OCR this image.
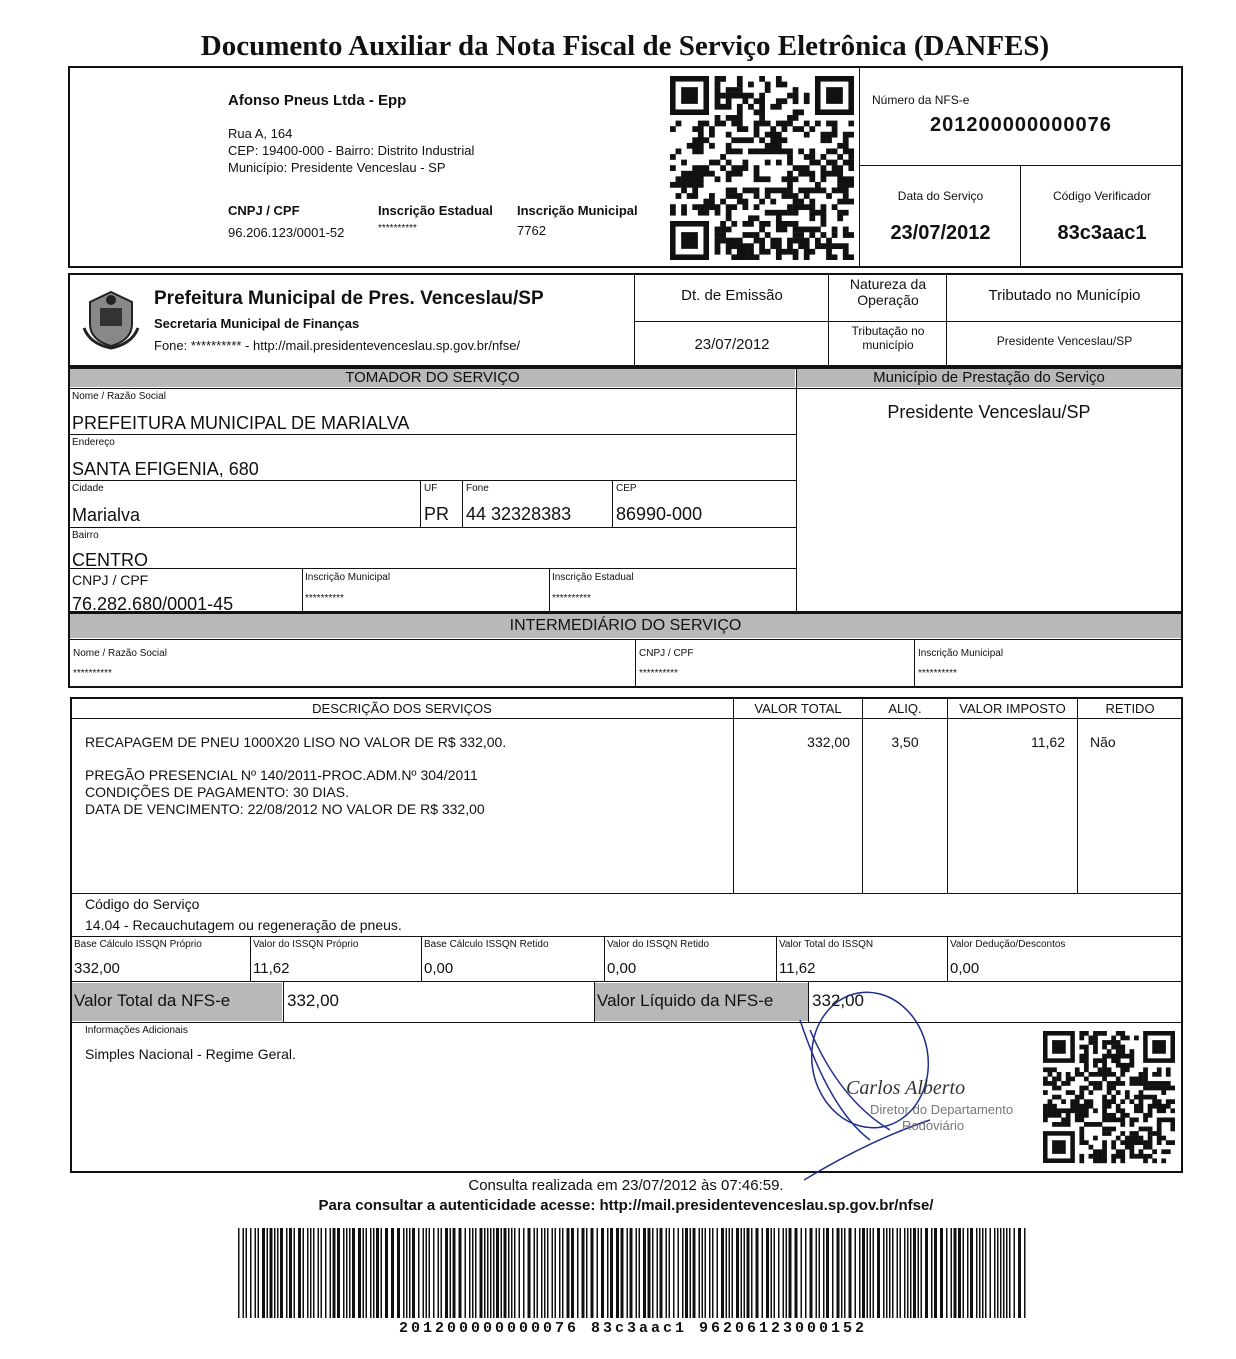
Documento Auxiliar da Nota Fiscal de Serviço Eletrônica (DANFES)
Afonso Pneus Ltda - Epp
Rua A, 164
CEP: 19400-000 - Bairro: Distrito Industrial
Município: Presidente Venceslau - SP
CNPJ / CPF
96.206.123/0001-52
Inscrição Estadual
**********
Inscrição Municipal
7762
Número da NFS-e
201200000000076
Data do Serviço
23/07/2012
Código Verificador
83c3aac1
Prefeitura Municipal de Pres. Venceslau/SP
Secretaria Municipal de Finanças
Fone: ********** - http://mail.presidentevenceslau.sp.gov.br/nfse/
Dt. de Emissão
23/07/2012
Natureza da Operação	Tributado no Município
Tributação no município	Presidente Venceslau/SP
TOMADOR DO SERVIÇO	Município de Prestação do Serviço
Nome / Razão Social
PREFEITURA MUNICIPAL DE MARIALVA
Endereço
SANTA EFIGENIA, 680
Cidade
Marialva
UF
PR
Fone
44 32328383
CEP
86990-000
Bairro
CENTRO
CNPJ / CPF
76.282.680/0001-45
Inscrição Municipal
**********
Inscrição Estadual
**********
Presidente Venceslau/SP
INTERMEDIÁRIO DO SERVIÇO
Nome / Razão Social
**********
CNPJ / CPF
**********
Inscrição Municipal
**********
DESCRIÇÃO DOS SERVIÇOS	VALOR TOTAL	ALIQ.	VALOR IMPOSTO	RETIDO
RECAPAGEM DE PNEU 1000X20 LISO NO VALOR DE R$ 332,00.
PREGÃO PRESENCIAL Nº 140/2011-PROC.ADM.Nº 304/2011
CONDIÇÕES DE PAGAMENTO: 30 DIAS.
DATA DE VENCIMENTO: 22/08/2012 NO VALOR DE R$ 332,00
332,00	3,50	11,62 Não
Código do Serviço
14.04 - Recauchutagem ou regeneração de pneus.
Base Cálculo ISSQN Próprio
332,00
Valor do ISSQN Próprio
11,62
Base Cálculo ISSQN Retido
0,00
Valor do ISSQN Retido
0,00
Valor Total do ISSQN
11,62
Valor Dedução/Descontos
0,00
Valor Total da NFS-e	332,00	Valor Líquido da NFS-e 332,00
Informações Adicionais
Simples Nacional - Regime Geral.
Carlos Alberto
Diretor do Departamento
Rodoviário
Consulta realizada em 23/07/2012 às 07:46:59.
Para consultar a autenticidade acesse: http://mail.presidentevenceslau.sp.gov.br/nfse/
201200000000076 83c3aac1 96206123000152
